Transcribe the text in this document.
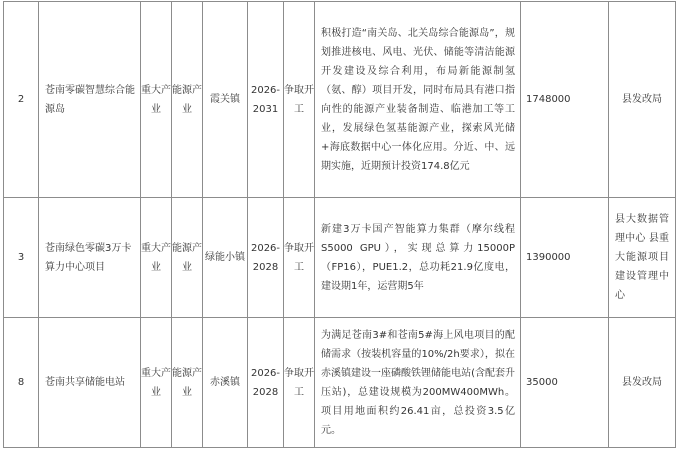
2	苍南零碳智慧综合能源岛	重大产业	能源产业	霞关镇	2026-2031	争取开工	积极打造“南关岛、北关岛综合能源岛”，规划推进核电、风电、光伏、储能等清洁能源开发建设及综合利用，布局新能源制氢（氨、醇）项目开发，同时布局具有港口指向性的能源产业装备制造、临港加工等工业，发展绿色氢基能源产业，探索风光储+海底数据中心一体化应用。分近、中、远期实施，近期预计投资174.8亿元	1748000	县发改局
3	苍南绿色零碳3万卡算力中心项目	重大产业	能源产业	绿能小镇	2026-2028	争取开工	新建3万卡国产智能算力集群（摩尔线程S5000 GPU），实现总算力15000P（FP16），PUE1.2，总功耗21.9亿度电，建设期1年，运营期5年	1390000	县大数据管理中心 县重大能源项目建设管理中心
8	苍南共享储能电站	重大产业	能源产业	赤溪镇	2026-2028	争取开工	为满足苍南3#和苍南5#海上风电项目的配储需求（按装机容量的10%/2h要求），拟在赤溪镇建设一座磷酸铁锂储能电站(含配套升压站)，总建设规模为200MW400MWh。项目用地面积约26.41亩，总投资3.5亿元。	35000	县发改局
